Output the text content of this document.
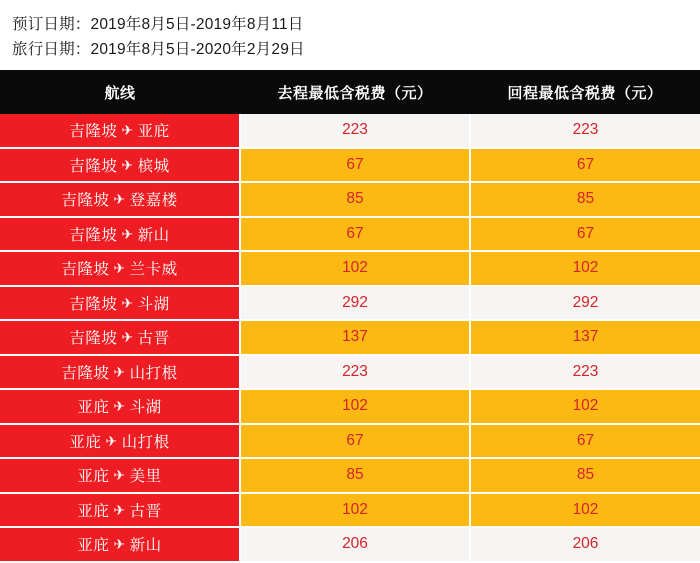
预订日期：2019年8月5日-2019年8月11日
旅行日期：2019年8月5日-2020年2月29日
航线	去程最低含税费（元）	回程最低含税费（元）
吉隆坡 ✈ 亚庇	223	223
吉隆坡 ✈ 槟城	67	67
吉隆坡 ✈ 登嘉楼	85	85
吉隆坡 ✈ 新山	67	67
吉隆坡 ✈ 兰卡威	102	102
吉隆坡 ✈ 斗湖	292	292
吉隆坡 ✈ 古晋	137	137
吉隆坡 ✈ 山打根	223	223
亚庇 ✈ 斗湖	102	102
亚庇 ✈ 山打根	67	67
亚庇 ✈ 美里	85	85
亚庇 ✈ 古晋	102	102
亚庇 ✈ 新山	206	206
